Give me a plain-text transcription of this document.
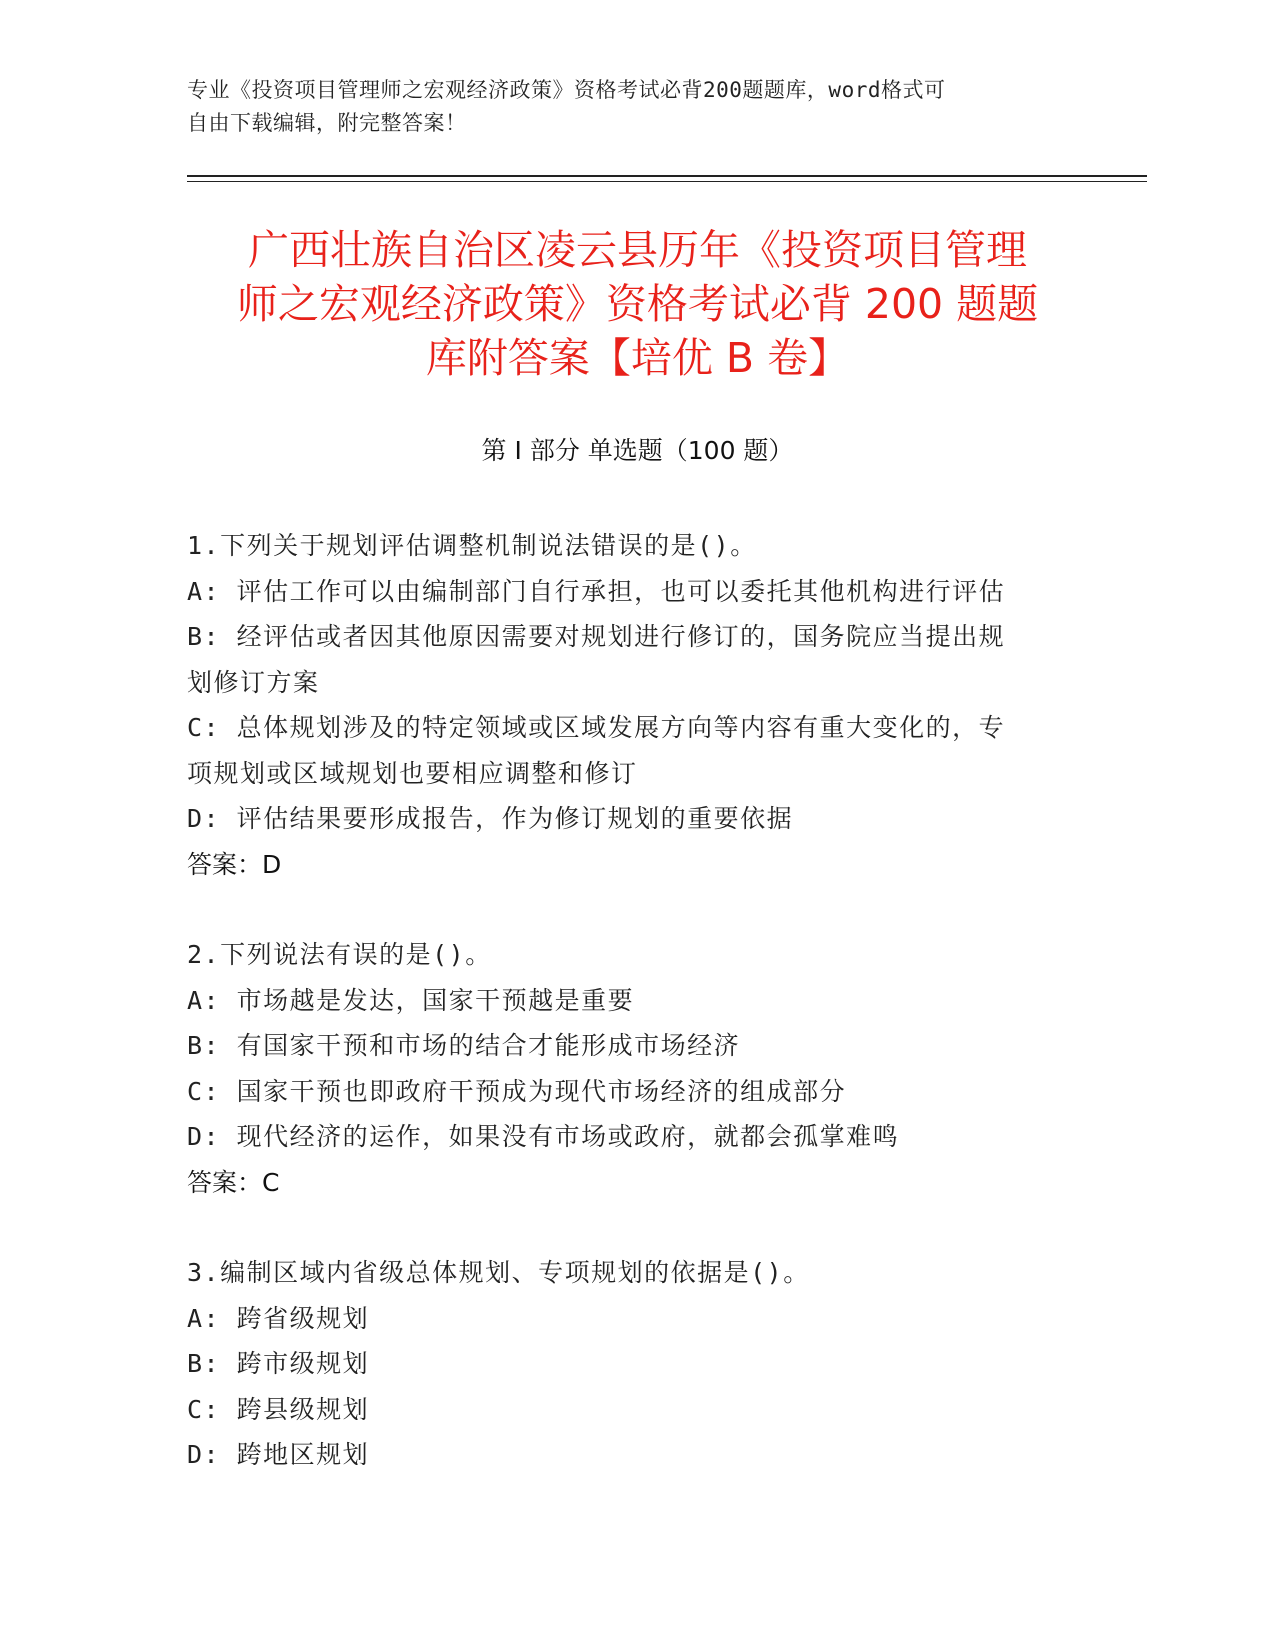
专业《投资项目管理师之宏观经济政策》资格考试必背200题题库，word格式可
自由下载编辑，附完整答案！
广西壮族自治区凌云县历年《投资项目管理
师之宏观经济政策》资格考试必背 200 题题
库附答案【培优 B 卷】
第 I 部分 单选题（100 题）
1.下列关于规划评估调整机制说法错误的是()。
A: 评估工作可以由编制部门自行承担，也可以委托其他机构进行评估
B: 经评估或者因其他原因需要对规划进行修订的，国务院应当提出规
划修订方案
C: 总体规划涉及的特定领域或区域发展方向等内容有重大变化的，专
项规划或区域规划也要相应调整和修订
D: 评估结果要形成报告，作为修订规划的重要依据
答案：D
2.下列说法有误的是()。
A: 市场越是发达，国家干预越是重要
B: 有国家干预和市场的结合才能形成市场经济
C: 国家干预也即政府干预成为现代市场经济的组成部分
D: 现代经济的运作，如果没有市场或政府，就都会孤掌难鸣
答案：C
3.编制区域内省级总体规划、专项规划的依据是()。
A: 跨省级规划
B: 跨市级规划
C: 跨县级规划
D: 跨地区规划
